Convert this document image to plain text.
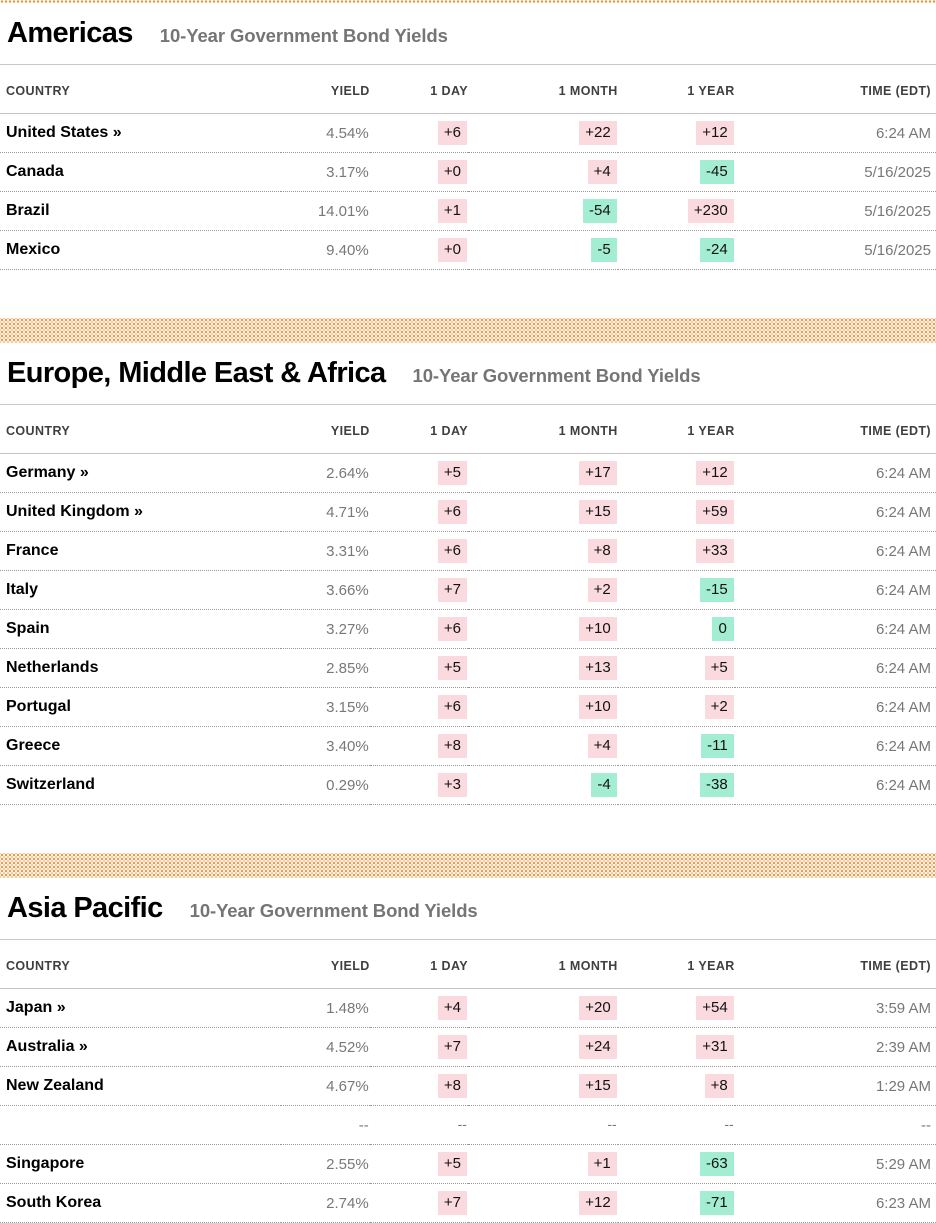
Americas 10-Year Government Bond Yields
COUNTRY	YIELD	1 DAY	1 MONTH	1 YEAR	TIME (EDT)
United States »	4.54%	+6	+22	+12	6:24 AM
Canada	3.17%	+0	+4	-45	5/16/2025
Brazil	14.01%	+1	-54	+230	5/16/2025
Mexico	9.40%	+0	-5	-24	5/16/2025
Europe, Middle East & Africa 10-Year Government Bond Yields
COUNTRY	YIELD	1 DAY	1 MONTH	1 YEAR	TIME (EDT)
Germany »	2.64%	+5	+17	+12	6:24 AM
United Kingdom »	4.71%	+6	+15	+59	6:24 AM
France	3.31%	+6	+8	+33	6:24 AM
Italy	3.66%	+7	+2	-15	6:24 AM
Spain	3.27%	+6	+10	0	6:24 AM
Netherlands	2.85%	+5	+13	+5	6:24 AM
Portugal	3.15%	+6	+10	+2	6:24 AM
Greece	3.40%	+8	+4	-11	6:24 AM
Switzerland	0.29%	+3	-4	-38	6:24 AM
Asia Pacific 10-Year Government Bond Yields
COUNTRY	YIELD	1 DAY	1 MONTH	1 YEAR	TIME (EDT)
Japan »	1.48%	+4	+20	+54	3:59 AM
Australia »	4.52%	+7	+24	+31	2:39 AM
New Zealand	4.67%	+8	+15	+8	1:29 AM
	--	--	--	--	--
Singapore	2.55%	+5	+1	-63	5:29 AM
South Korea	2.74%	+7	+12	-71	6:23 AM
